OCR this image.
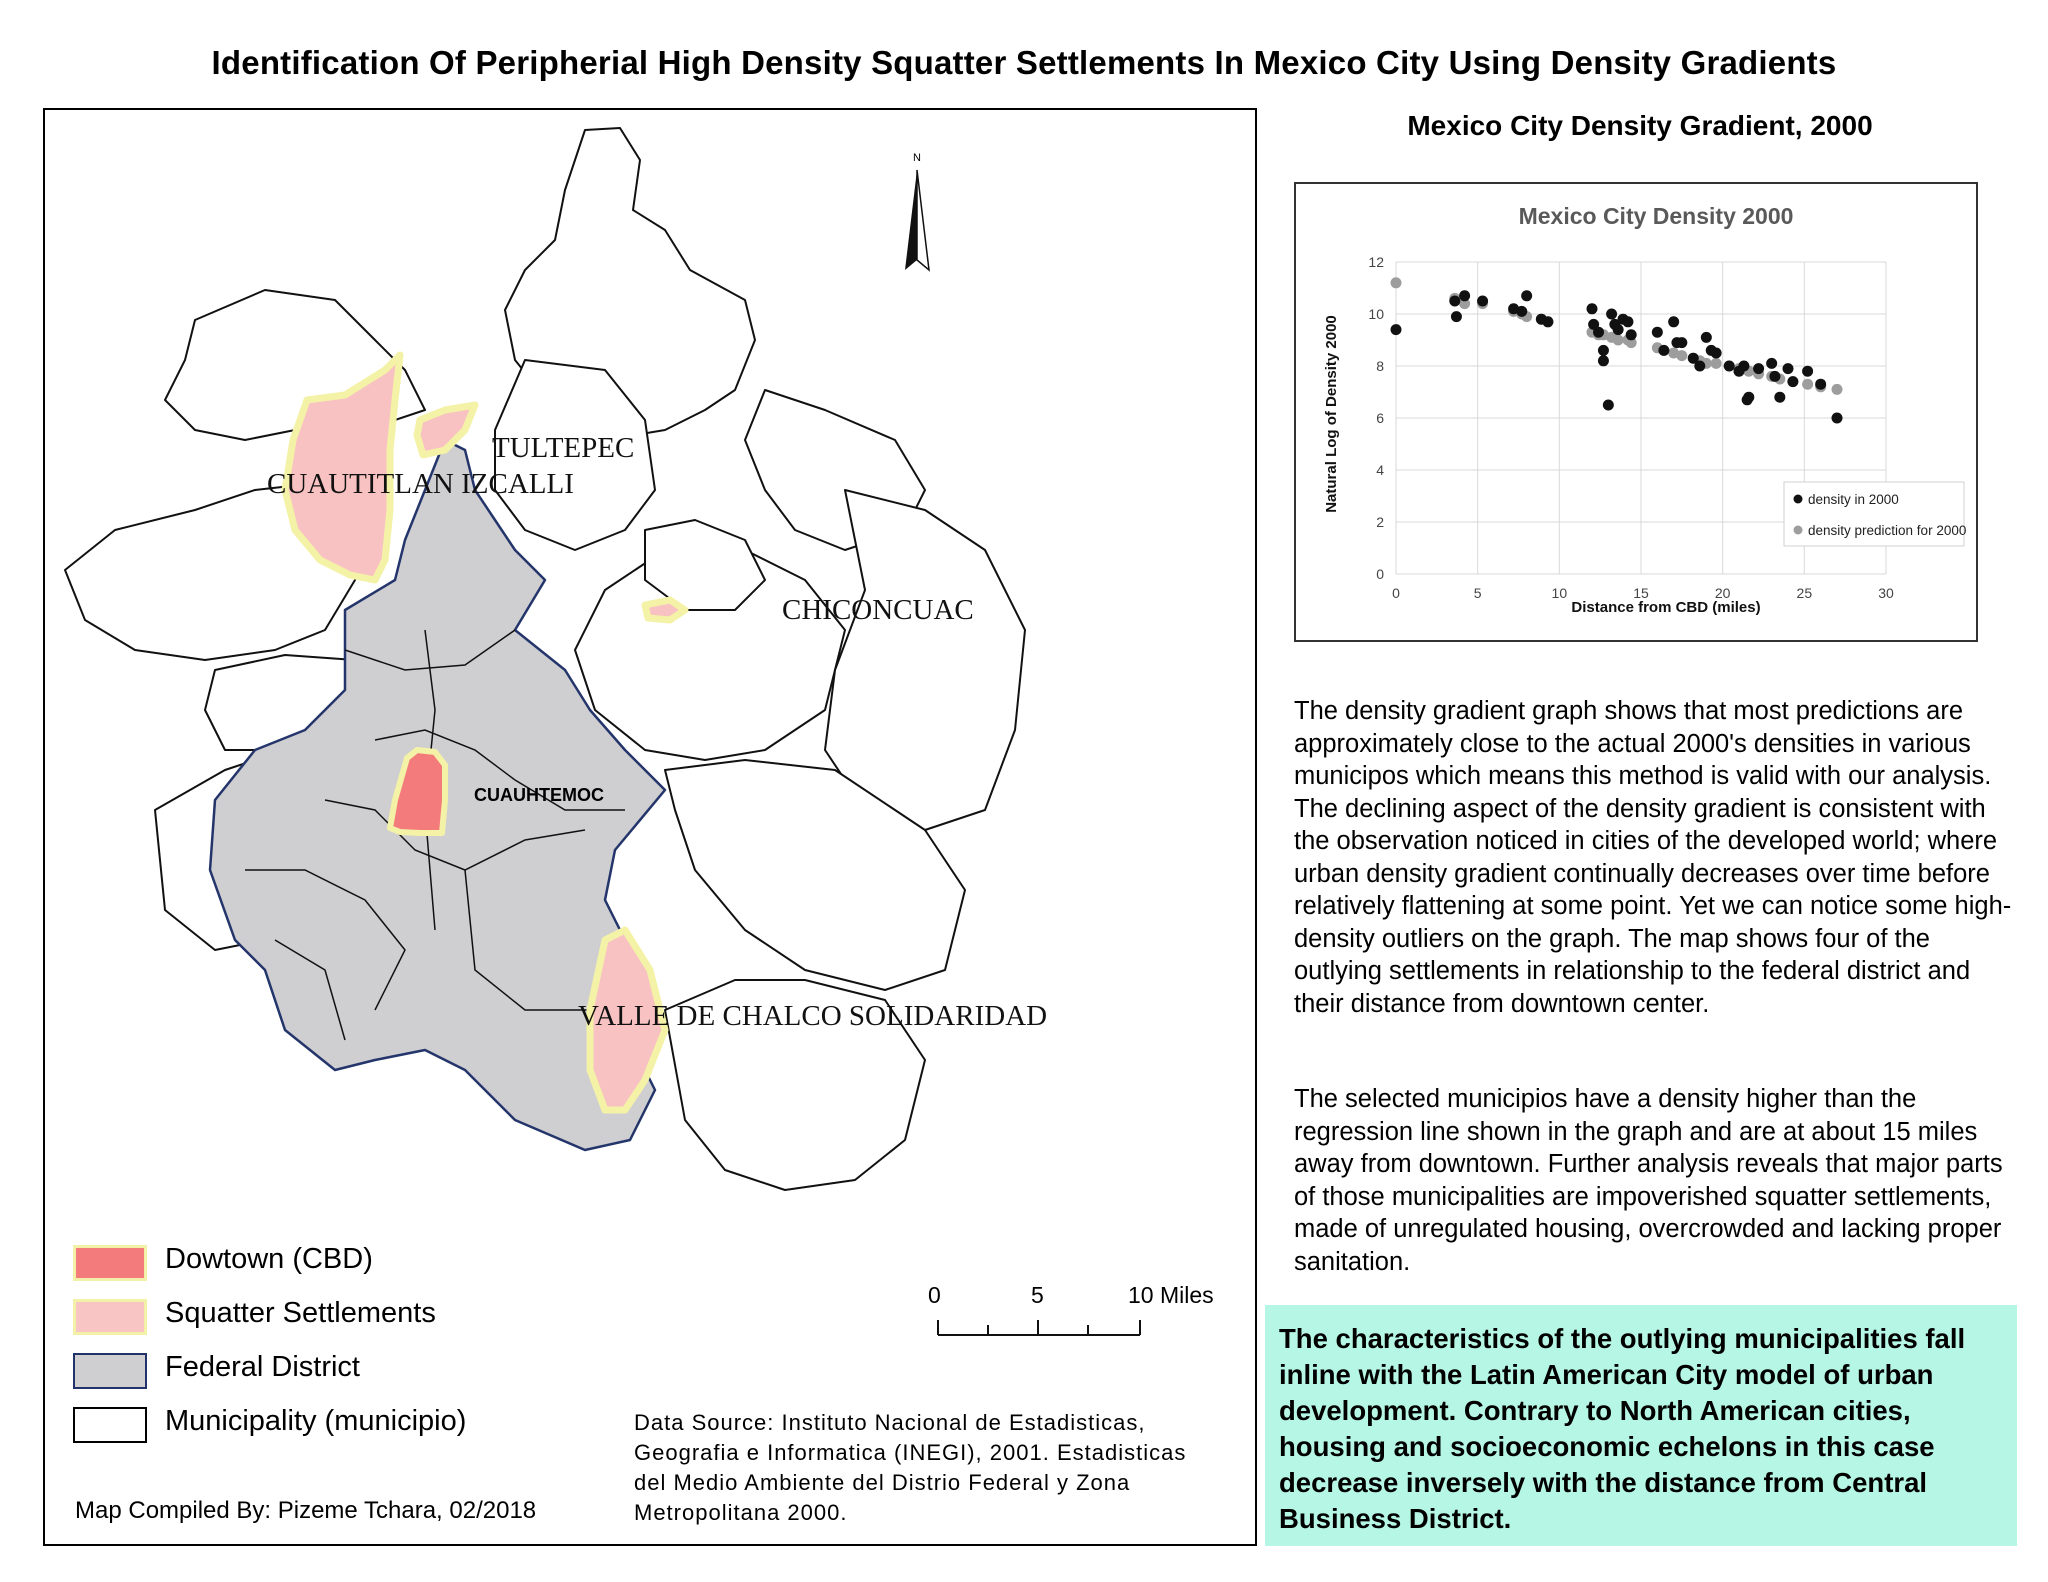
Identification Of Peripherial High Density Squatter Settlements In Mexico City Using Density Gradients
TULTEPEC
CUAUTITLAN IZCALLI
CHICONCUAC
CUAUHTEMOC
VALLE DE CHALCO SOLIDARIDAD
N
Dowtown (CBD)
Squatter Settlements
Federal District
Municipality (municipio)
0	5	10 Miles
Map Compiled By: Pizeme Tchara, 02/2018
Data Source: Instituto Nacional de Estadisticas,
Geografia e Informatica (INEGI), 2001. Estadisticas
del Medio Ambiente del Distrio Federal y Zona
Metropolitana 2000.
Mexico City Density Gradient, 2000
Mexico City Density 2000
0
2
4
6
8
10
12
0	5	10	15	20	25	30
Distance from CBD (miles)
Natural Log of Density 2000	density in 2000
density prediction for 2000
The density gradient graph shows that most predictions are approximately close to the actual 2000's densities in various municipos which means this method is valid with our analysis. The declining aspect of the density gradient is consistent with the observation noticed in cities of the developed world; where urban density gradient continually decreases over time before relatively flattening at some point. Yet we can notice some high-density outliers on the graph. The map shows four of the outlying settlements in relationship to the federal district and their distance from downtown center.
The selected municipios have a density higher than the regression line shown in the graph and are at about 15 miles away from downtown. Further analysis reveals that major parts of those municipalities are impoverished squatter settlements, made of unregulated housing, overcrowded and lacking proper sanitation.
The characteristics of the outlying municipalities fall inline with the Latin American City model of urban development. Contrary to North American cities, housing and socioeconomic echelons in this case decrease inversely with the distance from Central Business District.
